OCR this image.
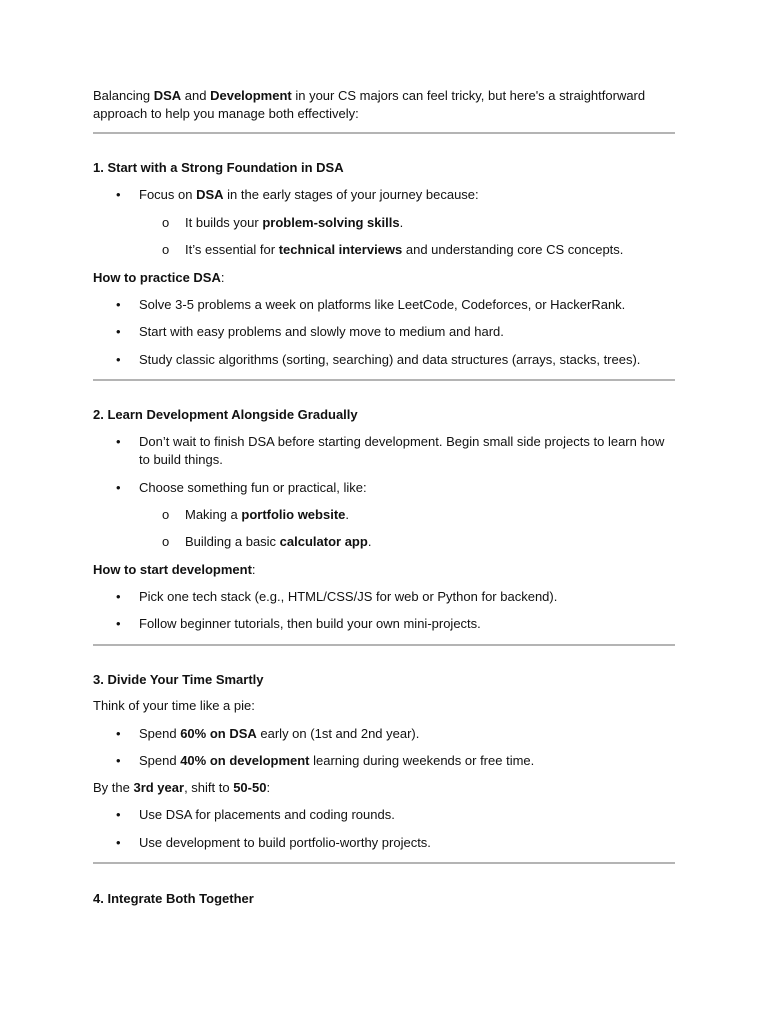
Balancing DSA and Development in your CS majors can feel tricky, but here's a straightforward approach to help you manage both effectively:
1. Start with a Strong Foundation in DSA
• Focus on DSA in the early stages of your journey because:
o It builds your problem-solving skills.
o It’s essential for technical interviews and understanding core CS concepts.
How to practice DSA:
• Solve 3-5 problems a week on platforms like LeetCode, Codeforces, or HackerRank.
• Start with easy problems and slowly move to medium and hard.
• Study classic algorithms (sorting, searching) and data structures (arrays, stacks, trees).
2. Learn Development Alongside Gradually
• Don’t wait to finish DSA before starting development. Begin small side projects to learn how to build things.
• Choose something fun or practical, like:
o Making a portfolio website.
o Building a basic calculator app.
How to start development:
• Pick one tech stack (e.g., HTML/CSS/JS for web or Python for backend).
• Follow beginner tutorials, then build your own mini-projects.
3. Divide Your Time Smartly
Think of your time like a pie:
• Spend 60% on DSA early on (1st and 2nd year).
• Spend 40% on development learning during weekends or free time.
By the 3rd year, shift to 50-50:
• Use DSA for placements and coding rounds.
• Use development to build portfolio-worthy projects.
4. Integrate Both Together
